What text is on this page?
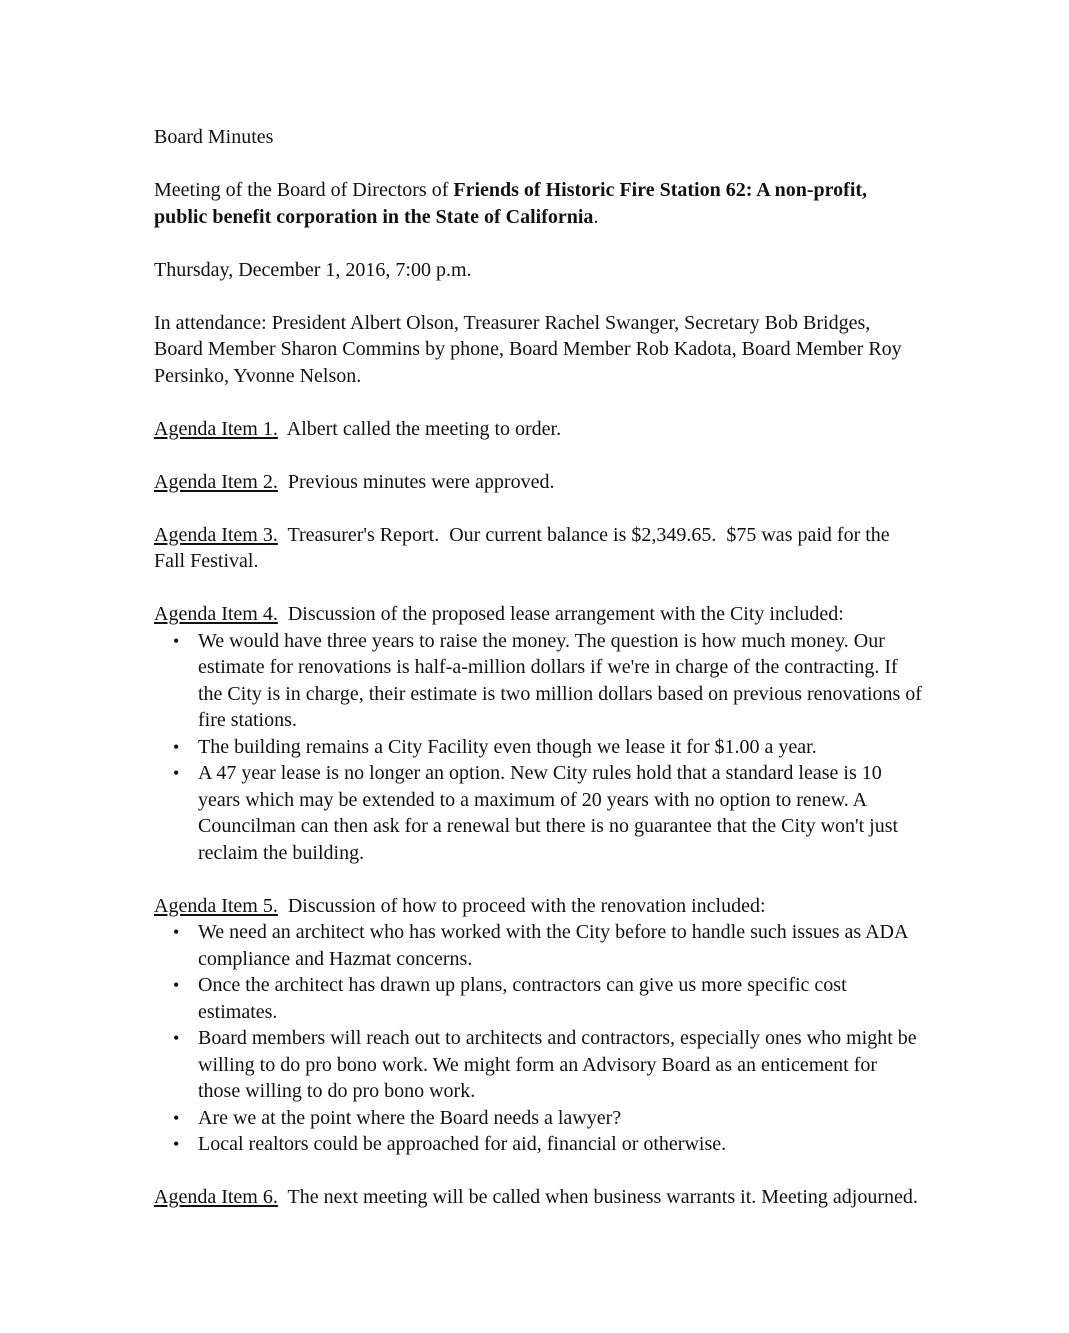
Board Minutes

Meeting of the Board of Directors of Friends of Historic Fire Station 62: A non-profit, public benefit corporation in the State of California.

Thursday, December 1, 2016, 7:00 p.m.

In attendance: President Albert Olson, Treasurer Rachel Swanger, Secretary Bob Bridges, Board Member Sharon Commins by phone, Board Member Rob Kadota, Board Member Roy Persinko, Yvonne Nelson.

Agenda Item 1. Albert called the meeting to order.

Agenda Item 2. Previous minutes were approved.

Agenda Item 3. Treasurer's Report.  Our current balance is $2,349.65.  $75 was paid for the Fall Festival.

Agenda Item 4. Discussion of the proposed lease arrangement with the City included:

• We would have three years to raise the money. The question is how much money. Our estimate for renovations is half-a-million dollars if we're in charge of the contracting. If the City is in charge, their estimate is two million dollars based on previous renovations of fire stations.
• The building remains a City Facility even though we lease it for $1.00 a year.
• A 47 year lease is no longer an option. New City rules hold that a standard lease is 10 years which may be extended to a maximum of 20 years with no option to renew. A Councilman can then ask for a renewal but there is no guarantee that the City won't just reclaim the building.

Agenda Item 5. Discussion of how to proceed with the renovation included:

• We need an architect who has worked with the City before to handle such issues as ADA compliance and Hazmat concerns.
• Once the architect has drawn up plans, contractors can give us more specific cost estimates.
• Board members will reach out to architects and contractors, especially ones who might be willing to do pro bono work. We might form an Advisory Board as an enticement for those willing to do pro bono work.
• Are we at the point where the Board needs a lawyer?
• Local realtors could be approached for aid, financial or otherwise.

Agenda Item 6. The next meeting will be called when business warrants it. Meeting adjourned.
